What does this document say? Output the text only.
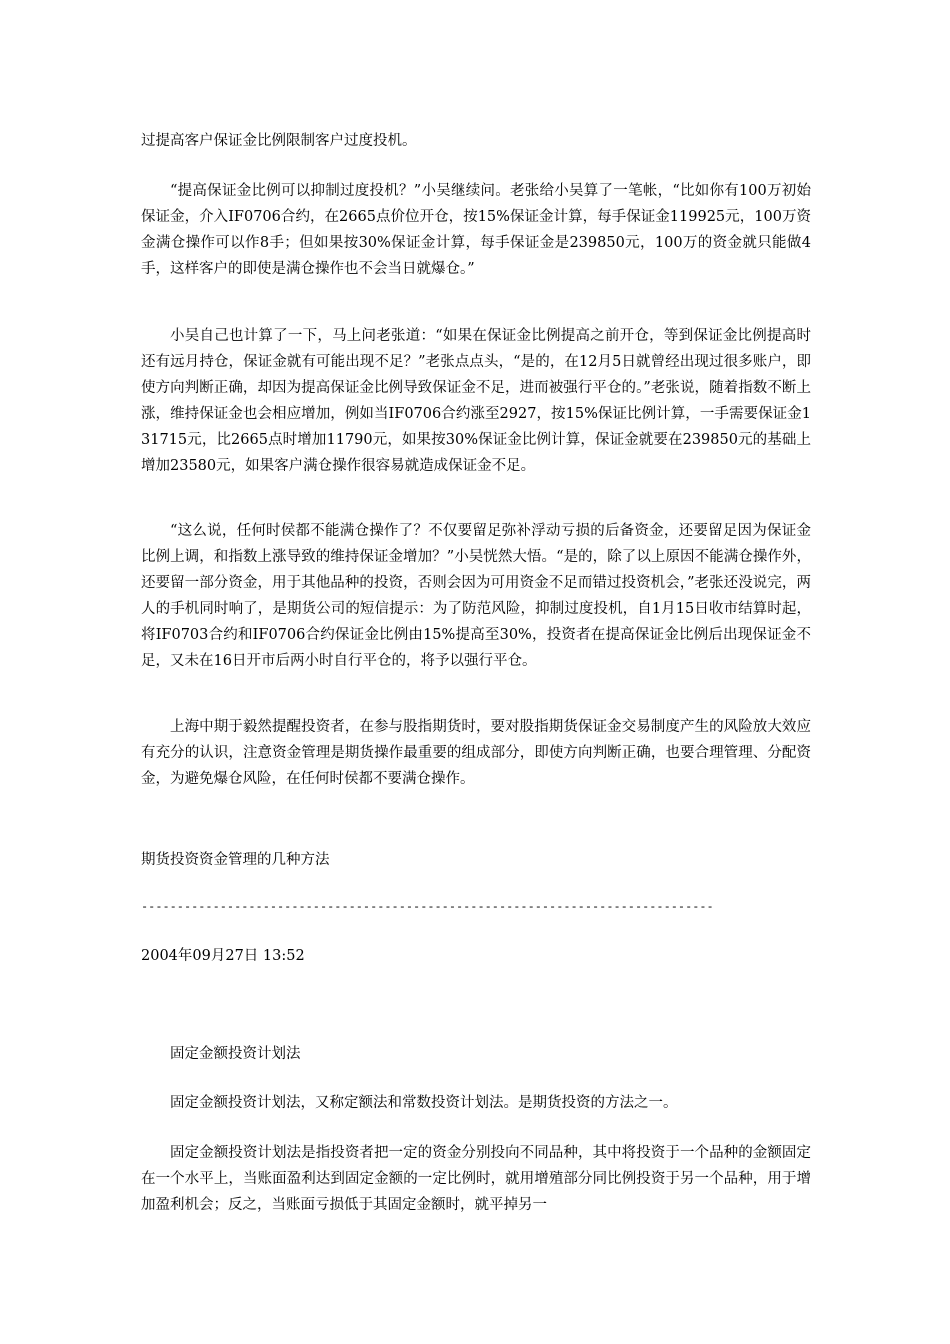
过提高客户保证金比例限制客户过度投机。

“提高保证金比例可以抑制过度投机？”小吴继续问。老张给小吴算了一笔帐，“比如你有100万初始保证金，介入IF0706合约，在2665点价位开仓，按15%保证金计算，每手保证金119925元，100万资金满仓操作可以作8手；但如果按30%保证金计算，每手保证金是239850元，100万的资金就只能做4手，这样客户的即使是满仓操作也不会当日就爆仓。”

小吴自己也计算了一下，马上问老张道：“如果在保证金比例提高之前开仓，等到保证金比例提高时还有远月持仓，保证金就有可能出现不足？”老张点点头，“是的，在12月5日就曾经出现过很多账户，即使方向判断正确，却因为提高保证金比例导致保证金不足，进而被强行平仓的。”老张说，随着指数不断上涨，维持保证金也会相应增加，例如当IF0706合约涨至2927，按15%保证比例计算，一手需要保证金131715元，比2665点时增加11790元，如果按30%保证金比例计算，保证金就要在239850元的基础上增加23580元，如果客户满仓操作很容易就造成保证金不足。

“这么说，任何时侯都不能满仓操作了？不仅要留足弥补浮动亏损的后备资金，还要留足因为保证金比例上调，和指数上涨导致的维持保证金增加？”小吴恍然大悟。“是的，除了以上原因不能满仓操作外，还要留一部分资金，用于其他品种的投资，否则会因为可用资金不足而错过投资机会，”老张还没说完，两人的手机同时响了，是期货公司的短信提示：为了防范风险，抑制过度投机，自1月15日收市结算时起，将IF0703合约和IF0706合约保证金比例由15%提高至30%，投资者在提高保证金比例后出现保证金不足，又未在16日开市后两小时自行平仓的，将予以强行平仓。

上海中期于毅然提醒投资者，在参与股指期货时，要对股指期货保证金交易制度产生的风险放大效应有充分的认识，注意资金管理是期货操作最重要的组成部分，即使方向判断正确，也要合理管理、分配资金，为避免爆仓风险，在任何时侯都不要满仓操作。

期货投资资金管理的几种方法

--------------------------------------------------------------------------------

2004年09月27日 13:52

固定金额投资计划法

固定金额投资计划法，又称定额法和常数投资计划法。是期货投资的方法之一。

固定金额投资计划法是指投资者把一定的资金分别投向不同品种，其中将投资于一个品种的金额固定在一个水平上，当账面盈利达到固定金额的一定比例时，就用增殖部分同比例投资于另一个品种，用于增加盈利机会；反之，当账面亏损低于其固定金额时，就平掉另一
